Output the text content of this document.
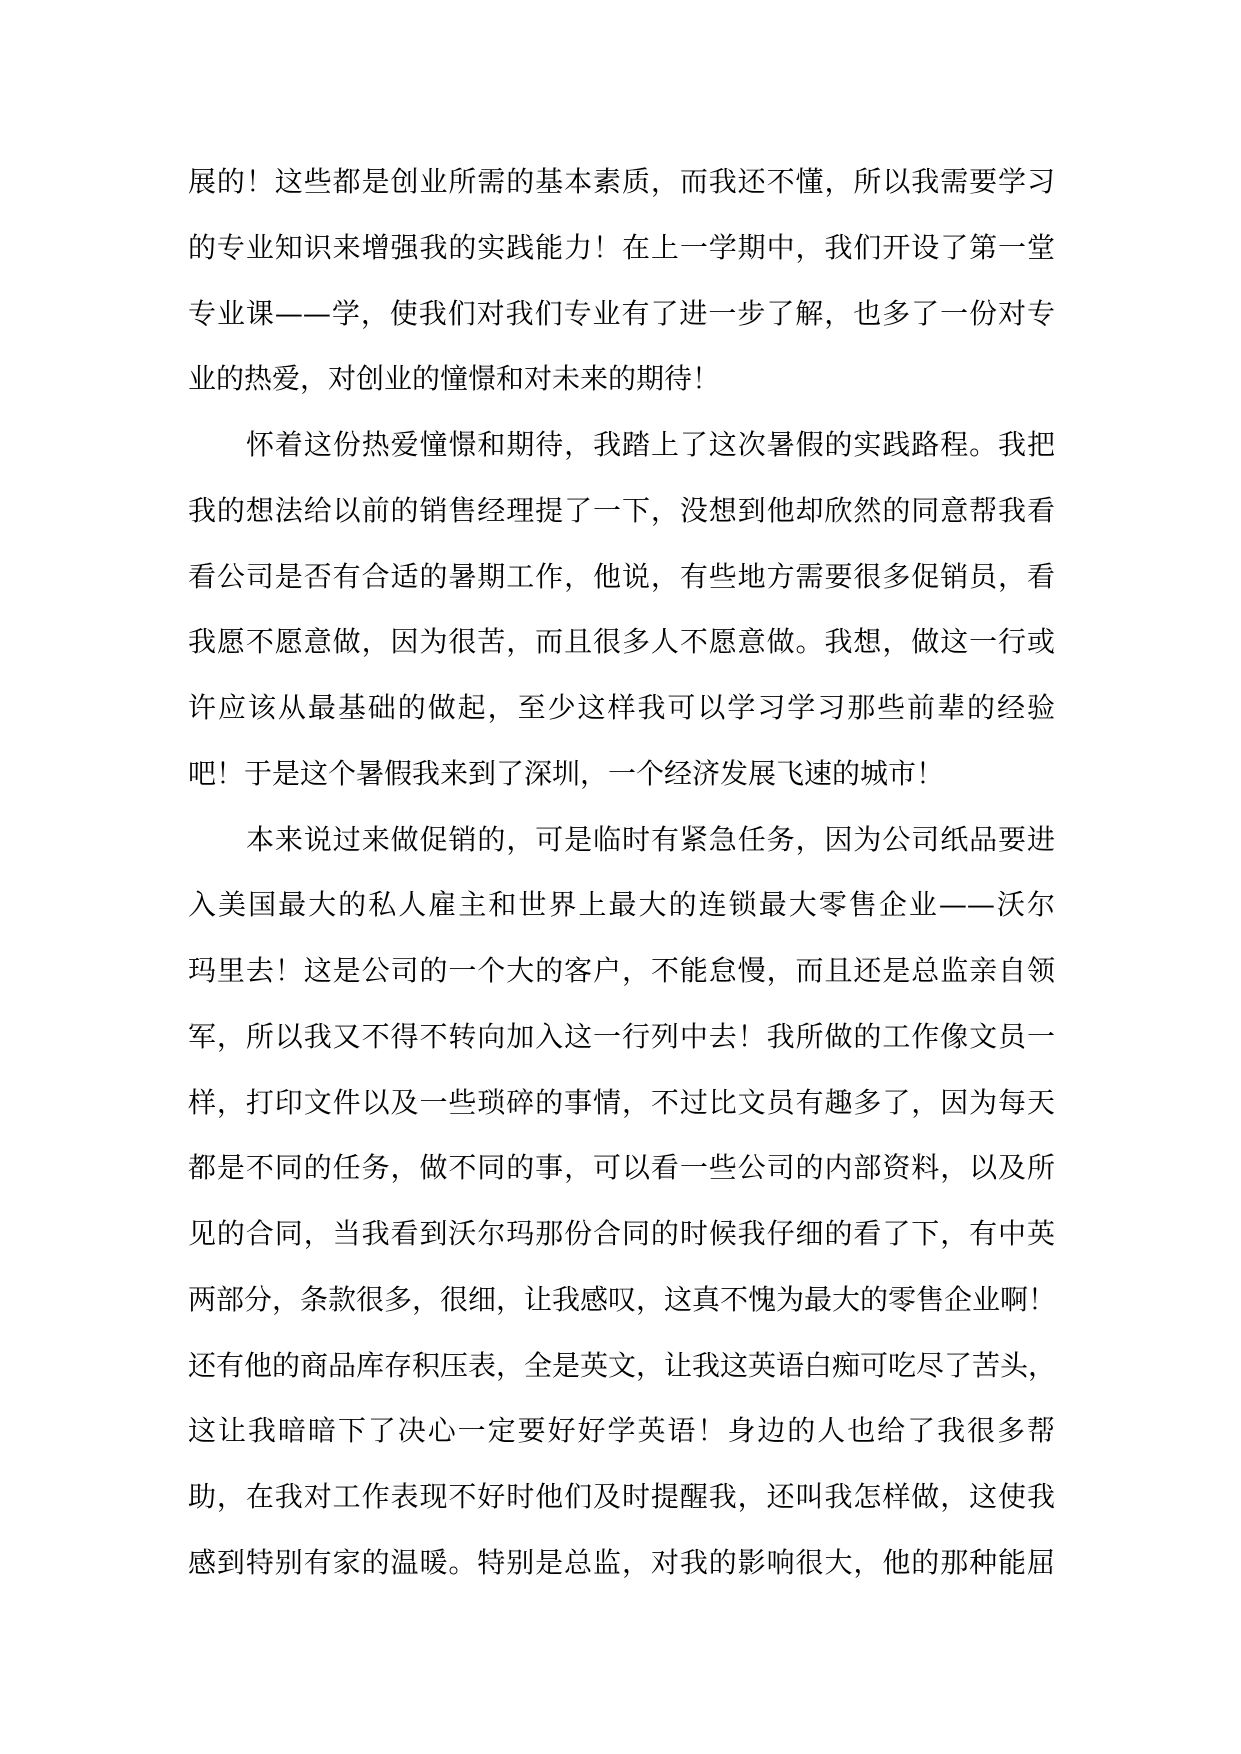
展的！这些都是创业所需的基本素质，而我还不懂，所以我需要学习
的专业知识来增强我的实践能力！在上一学期中，我们开设了第一堂
专业课——学，使我们对我们专业有了进一步了解，也多了一份对专
业的热爱，对创业的憧憬和对未来的期待！
怀着这份热爱憧憬和期待，我踏上了这次暑假的实践路程。我把
我的想法给以前的销售经理提了一下，没想到他却欣然的同意帮我看
看公司是否有合适的暑期工作，他说，有些地方需要很多促销员，看
我愿不愿意做，因为很苦，而且很多人不愿意做。我想，做这一行或
许应该从最基础的做起，至少这样我可以学习学习那些前辈的经验
吧！于是这个暑假我来到了深圳，一个经济发展飞速的城市！
本来说过来做促销的，可是临时有紧急任务，因为公司纸品要进
入美国最大的私人雇主和世界上最大的连锁最大零售企业——沃尔
玛里去！这是公司的一个大的客户，不能怠慢，而且还是总监亲自领
军，所以我又不得不转向加入这一行列中去！我所做的工作像文员一
样，打印文件以及一些琐碎的事情，不过比文员有趣多了，因为每天
都是不同的任务，做不同的事，可以看一些公司的内部资料，以及所
见的合同，当我看到沃尔玛那份合同的时候我仔细的看了下，有中英
两部分，条款很多，很细，让我感叹，这真不愧为最大的零售企业啊！
还有他的商品库存积压表，全是英文，让我这英语白痴可吃尽了苦头，
这让我暗暗下了决心一定要好好学英语！身边的人也给了我很多帮
助，在我对工作表现不好时他们及时提醒我，还叫我怎样做，这使我
感到特别有家的温暖。特别是总监，对我的影响很大，他的那种能屈
